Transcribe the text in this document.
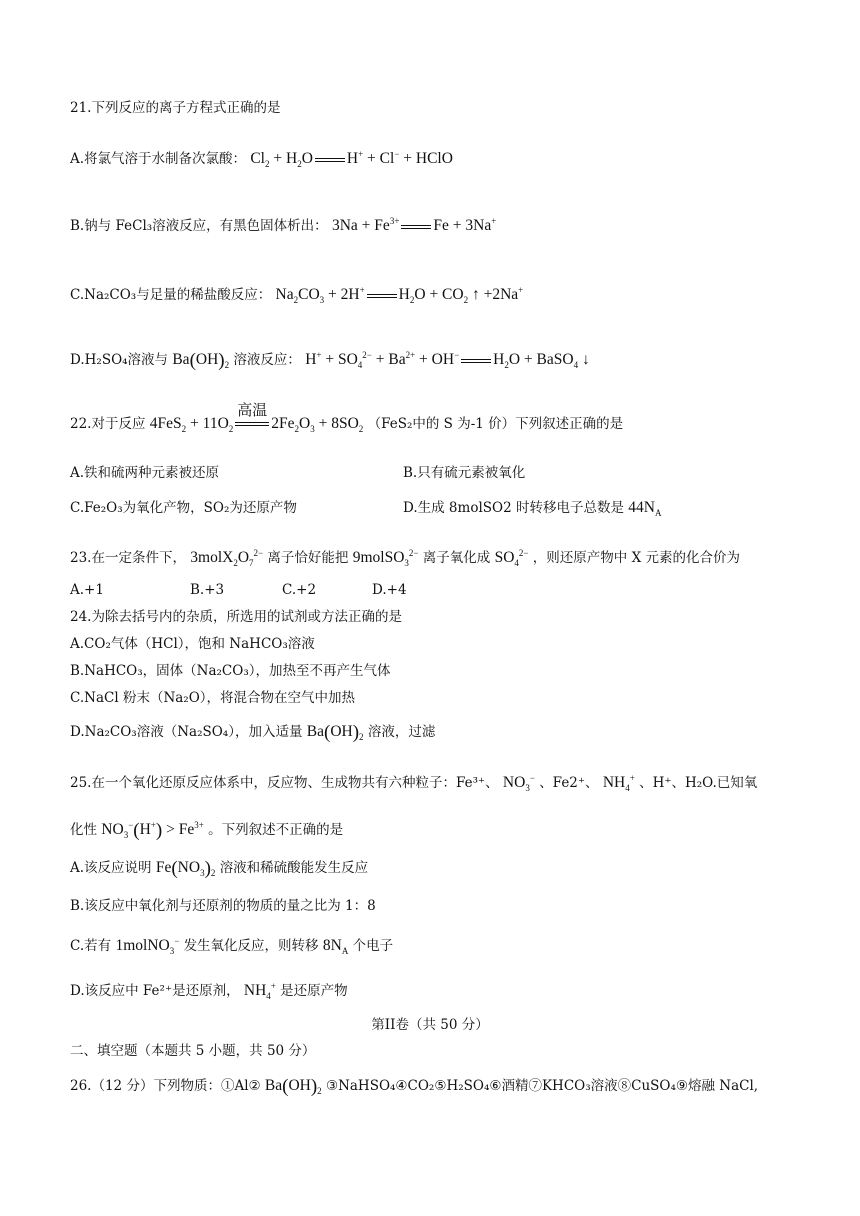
21.下列反应的离子方程式正确的是
A.将氯气溶于水制备次氯酸： $Cl_2 + H_2O$ H+ + Cl− + HClO
B.钠与 FeCl₃溶液反应，有黑色固体析出： $3Na + Fe^{3+}$ Fe + 3Na+
C.Na₂CO₃与足量的稀盐酸反应： $Na_2CO_3 + 2H^+$ $H_2O + CO_2$ ↑ +2Na+
D.H₂SO₄溶液与 $Ba(OH)_2$ 溶液反应： $H^+ + SO_4^{2-} + Ba^{2+} + OH^-$ $H_2O$ + BaSO$_4$ ↓
22.对于反应 $4FeS_2 + 11O_2$
高温
$2Fe_2O_3 + 8SO_2$ （FeS₂中的 S 为-1 价）下列叙述正确的是
A.铁和硫两种元素被还原	B.只有硫元素被氧化
C.Fe₂O₃为氧化产物，SO₂为还原产物	D.生成 8molSO2 时转移电子总数是 $44N_A$
23.在一定条件下， $3molX_2O_7^{2-}$ 离子恰好能把 9molSO$_3^{2-}$ 离子氧化成 $SO_4^{2-}$ ，则还原产物中 X 元素的化合价为
A.+1	B.+3	C.+2	D.+4
24.为除去括号内的杂质，所选用的试剂或方法正确的是
A.CO₂气体（HCl），饱和 NaHCO₃溶液
B.NaHCO₃，固体（Na₂CO₃），加热至不再产生气体
C.NaCl 粉末（Na₂O），将混合物在空气中加热
D.Na₂CO₃溶液（Na₂SO₄），加入适量 $Ba(OH)_2$ 溶液，过滤
25.在一个氧化还原反应体系中，反应物、生成物共有六种粒子：Fe³⁺、 $NO_3^-$ 、Fe2⁺、 $NH_4^+$ 、H⁺、H₂O.已知氧
化性 $NO_3^-(H^+) > Fe^{3+}$ 。下列叙述不正确的是
A.该反应说明 $Fe(NO_3)_2$ 溶液和稀硫酸能发生反应
B.该反应中氧化剂与还原剂的物质的量之比为 1：8
C.若有 1molNO$_3$− 发生氧化反应，则转移 $8N_A$ 个电子
D.该反应中 Fe²⁺是还原剂， $NH_4^+$ 是还原产物
第II卷（共 50 分）
二、填空题（本题共 5 小题，共 50 分）
26.（12 分）下列物质：①Al② $Ba(OH)_2$ ③NaHSO₄④CO₂⑤H₂SO₄⑥酒精⑦KHCO₃溶液⑧CuSO₄⑨熔融 NaCl,
